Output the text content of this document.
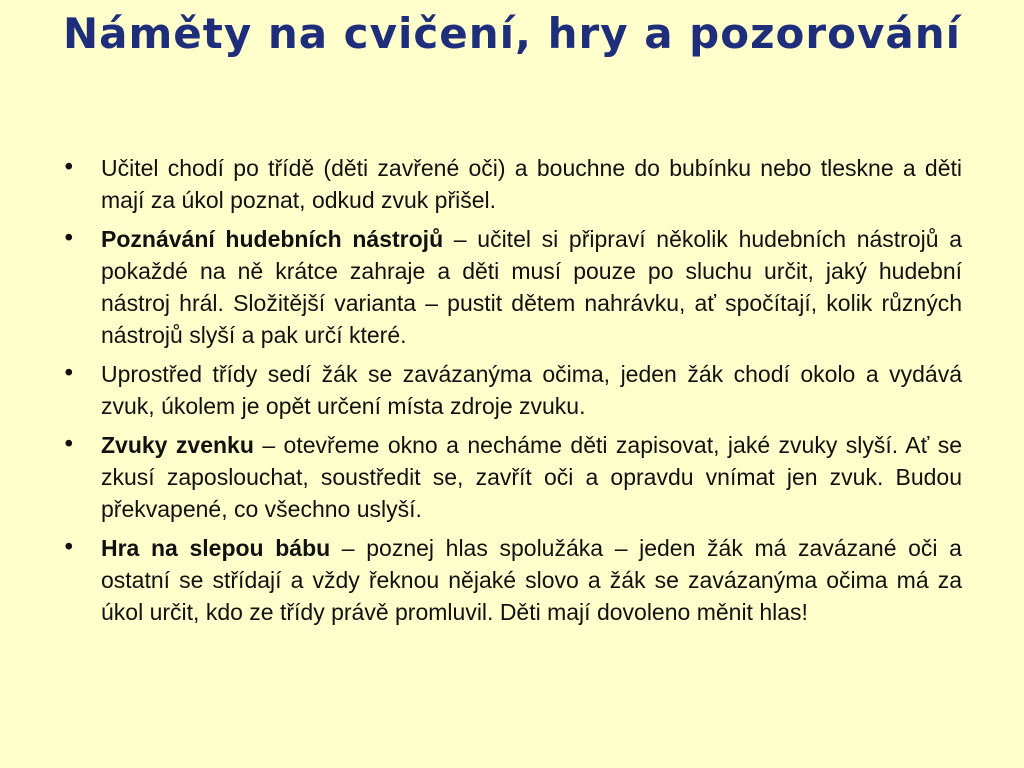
Náměty na cvičení, hry a pozorování
• Učitel chodí po třídě (děti zavřené oči) a bouchne do bubínku nebo tleskne a děti mají za úkol poznat, odkud zvuk přišel.
• Poznávání hudebních nástrojů – učitel si připraví několik hudebních nástrojů a pokaždé na ně krátce zahraje a děti musí pouze po sluchu určit, jaký hudební nástroj hrál. Složitější varianta – pustit dětem nahrávku, ať spočítají, kolik různých nástrojů slyší a pak určí které.
• Uprostřed třídy sedí žák se zavázanýma očima, jeden žák chodí okolo a vydává zvuk, úkolem je opět určení místa zdroje zvuku.
• Zvuky zvenku – otevřeme okno a necháme děti zapisovat, jaké zvuky slyší. Ať se zkusí zaposlouchat, soustředit se, zavřít oči a opravdu vnímat jen zvuk. Budou překvapené, co všechno uslyší.
• Hra na slepou bábu – poznej hlas spolužáka – jeden žák má zavázané oči a ostatní se střídají a vždy řeknou nějaké slovo a žák se zavázanýma očima má za úkol určit, kdo ze třídy právě promluvil. Děti mají dovoleno měnit hlas!
